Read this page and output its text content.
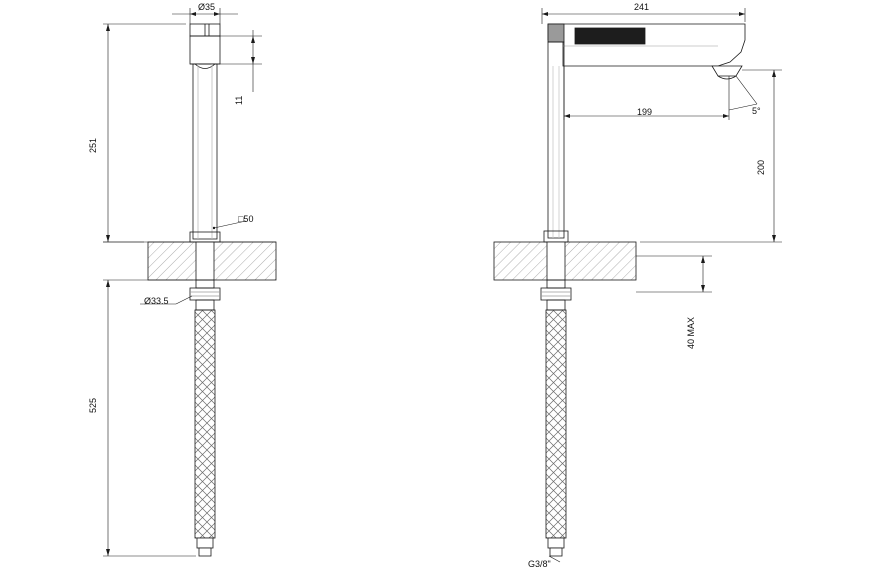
Ø35
11
251
□50
Ø33.5
525
241
199	5°
200
40 MAX
G3/8"
